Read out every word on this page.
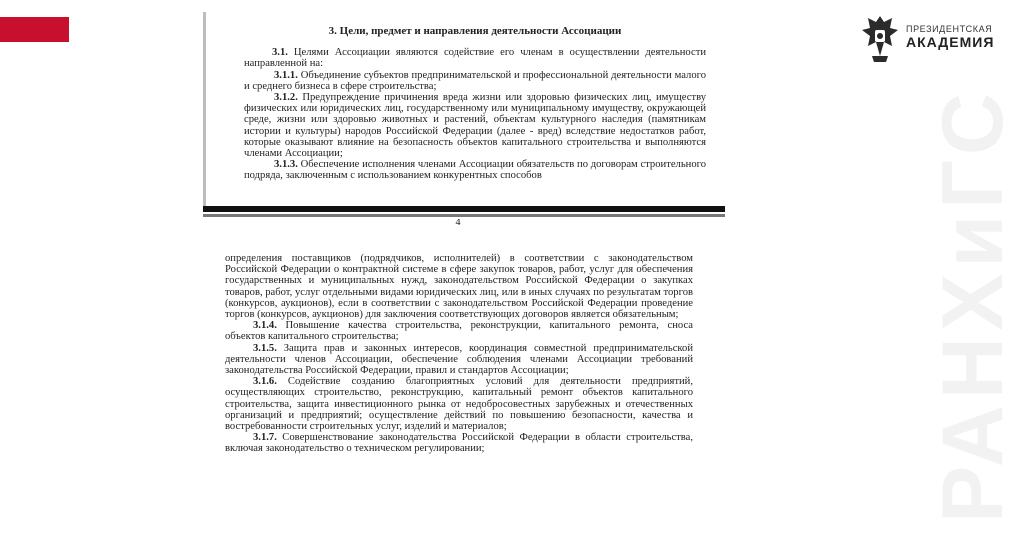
ПРЕЗИДЕНТСКАЯ
АКАДЕМИЯ
РАНХиГС
3. Цели, предмет и направления деятельности Ассоциации

3.1. Целями Ассоциации являются содействие его членам в осуществлении деятельности направленной на:

3.1.1. Объединение субъектов предпринимательской и профессиональной деятельности малого и среднего бизнеса в сфере строительства;

3.1.2. Предупреждение причинения вреда жизни или здоровью физических лиц, имуществу физических или юридических лиц, государственному или муниципальному имуществу, окружающей среде, жизни или здоровью животных и растений, объектам культурного наследия (памятникам истории и культуры) народов Российской Федерации (далее - вред) вследствие недостатков работ, которые оказывают влияние на безопасность объектов капитального строительства и выполняются членами Ассоциации;

3.1.3. Обеспечение исполнения членами Ассоциации обязательств по договорам строительного подряда, заключенным с использованием конкурентных способов

4

определения поставщиков (подрядчиков, исполнителей) в соответствии с законодательством Российской Федерации о контрактной системе в сфере закупок товаров, работ, услуг для обеспечения государственных и муниципальных нужд, законодательством Российской Федерации о закупках товаров, работ, услуг отдельными видами юридических лиц, или в иных случаях по результатам торгов (конкурсов, аукционов), если в соответствии с законодательством Российской Федерации проведение торгов (конкурсов, аукционов) для заключения соответствующих договоров является обязательным;

3.1.4. Повышение качества строительства, реконструкции, капитального ремонта, сноса объектов капитального строительства;

3.1.5. Защита прав и законных интересов, координация совместной предпринимательской деятельности членов Ассоциации, обеспечение соблюдения членами Ассоциации требований законодательства Российской Федерации, правил и стандартов Ассоциации;

3.1.6. Содействие созданию благоприятных условий для деятельности предприятий, осуществляющих строительство, реконструкцию, капитальный ремонт объектов капитального строительства, защита инвестиционного рынка от недобросовестных зарубежных и отечественных организаций и предприятий; осуществление действий по повышению безопасности, качества и востребованности строительных услуг, изделий и материалов;

3.1.7. Совершенствование законодательства Российской Федерации в области строительства, включая законодательство о техническом регулировании;
